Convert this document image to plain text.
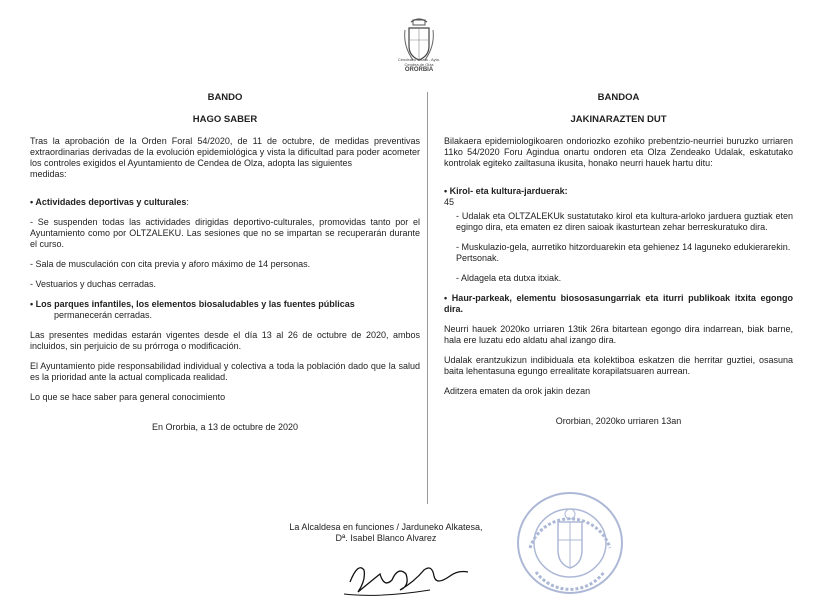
Cendeako Udala - Ayto. Cendea de Olza
ORORBIA
BANDO
HAGO SABER

Tras la aprobación de la Orden Foral 54/2020, de 11 de octubre, de medidas preventivas extraordinarias derivadas de la evolución epidemiológica y vista la dificultad para poder acometer los controles exigidos el Ayuntamiento de Cendea de Olza, adopta las siguientes

medidas:

• Actividades deportivas y culturales:

- Se suspenden todas las actividades dirigidas deportivo-culturales, promovidas tanto por el Ayuntamiento como por OLTZALEKU. Las sesiones que no se impartan se recuperarán durante el curso.

- Sala de musculación con cita previa y aforo máximo de 14 personas.

- Vestuarios y duchas cerradas.

• Los parques infantiles, los elementos biosaludables y las fuentes públicas

permanecerán cerradas.

Las presentes medidas estarán vigentes desde el día 13 al 26 de octubre de 2020, ambos incluidos, sin perjuicio de su prórroga o modificación.

El Ayuntamiento pide responsabilidad individual y colectiva a toda la población dado que la salud es la prioridad ante la actual complicada realidad.

Lo que se hace saber para general conocimiento

En Ororbia, a 13 de octubre de 2020
BANDOA
JAKINARAZTEN DUT

Bilakaera epidemiologikoaren ondoriozko ezohiko prebentzio-neurriei buruzko urriaren 11ko 54/2020 Foru Agindua onartu ondoren eta Olza Zendeako Udalak, eskatutako kontrolak egiteko zailtasuna ikusita, honako neurri hauek hartu ditu:

• Kirol- eta kultura-jarduerak:

45

- Udalak eta OLTZALEKUk sustatutako kirol eta kultura-arloko jarduera guztiak eten egingo dira, eta ematen ez diren saioak ikasturtean zehar berreskuratuko dira.

- Muskulazio-gela, aurretiko hitzorduarekin eta gehienez 14 laguneko edukierarekin.

Pertsonak.

- Aldagela eta dutxa itxiak.

• Haur-parkeak, elementu biososasungarriak eta iturri publikoak itxita egongo dira.

Neurri hauek 2020ko urriaren 13tik 26ra bitartean egongo dira indarrean, biak barne, hala ere luzatu edo aldatu ahal izango dira.

Udalak erantzukizun indibiduala eta kolektiboa eskatzen die herritar guztiei, osasuna baita lehentasuna egungo errealitate korapilatsuaren aurrean.

Aditzera ematen da orok jakin dezan

Ororbian, 2020ko urriaren 13an
La Alcaldesa en funciones / Jarduneko Alkatesa,
Dª. Isabel Blanco Alvarez
